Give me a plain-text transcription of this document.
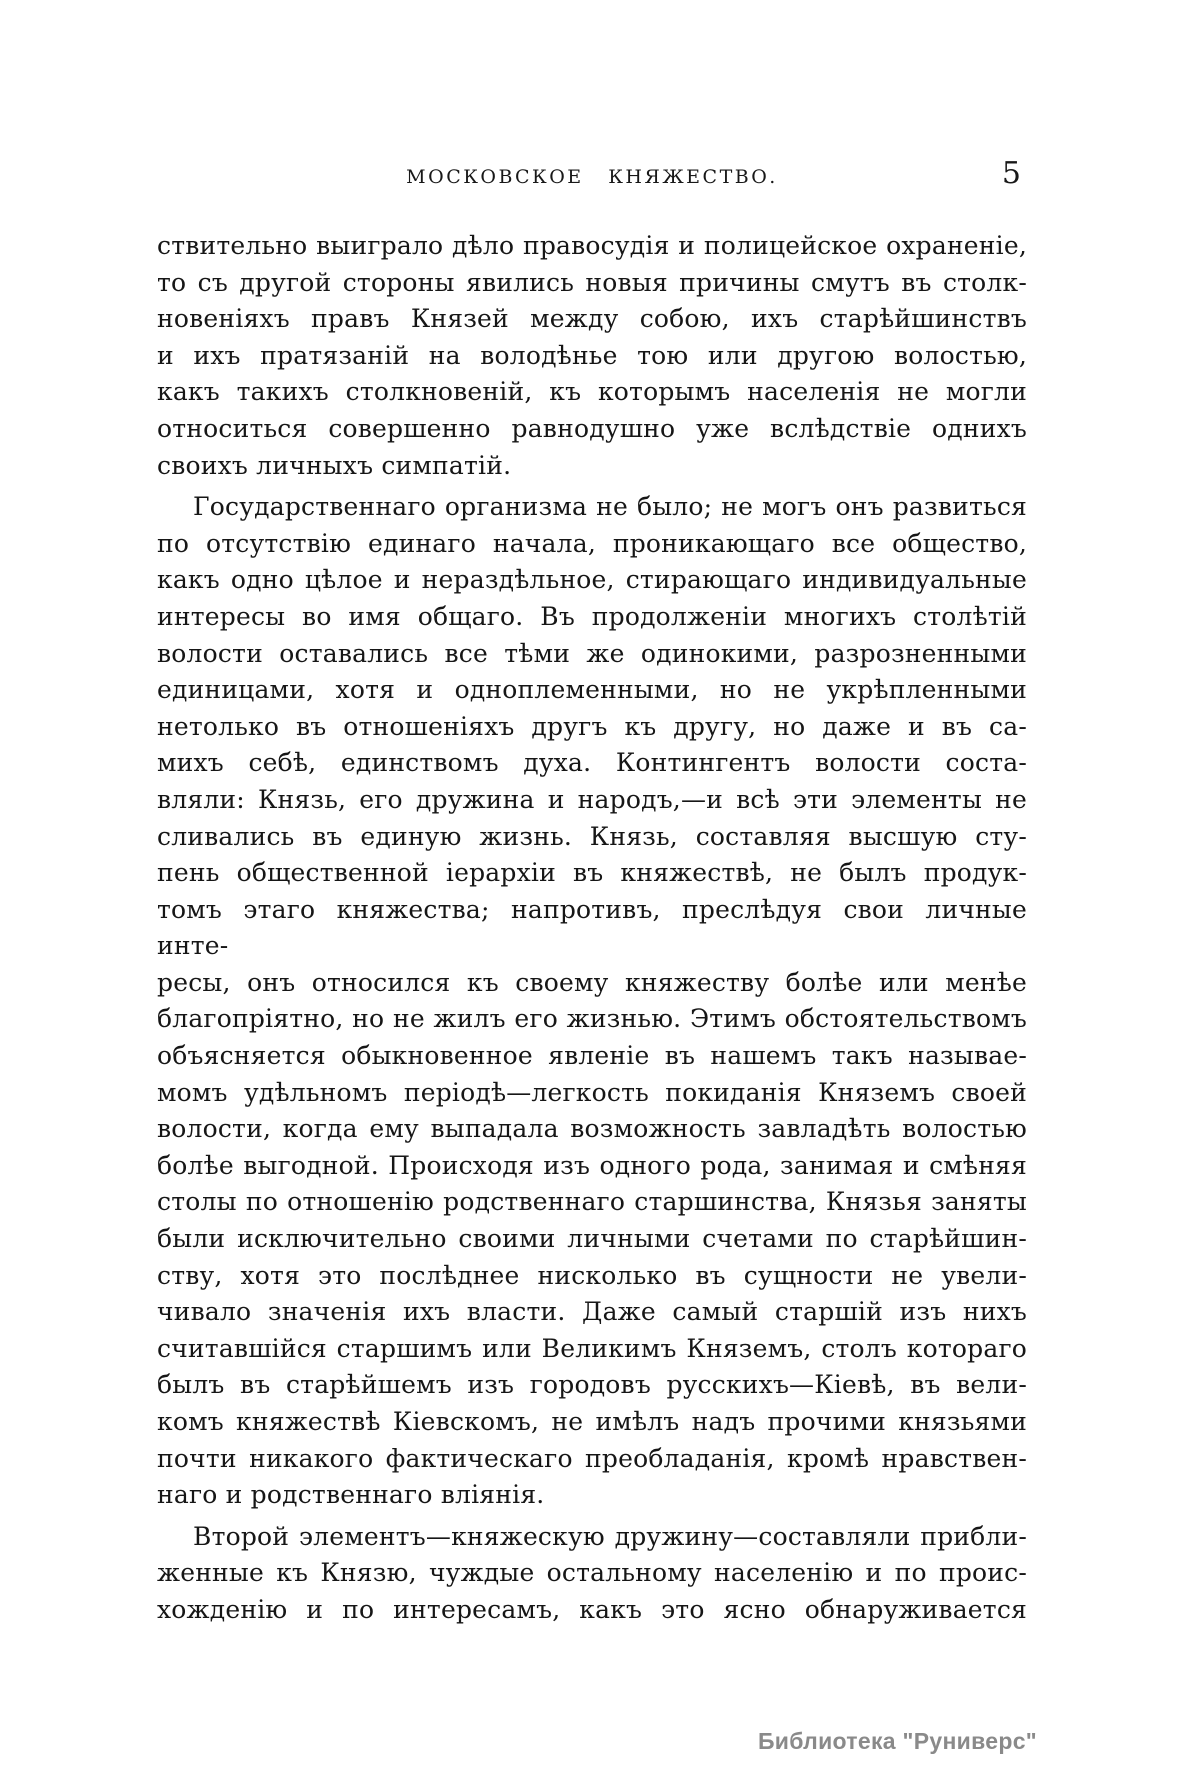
МОСКОВСКОЕ КНЯЖЕСТВО.	5
ствительно выиграло дѣло правосудія и полицейское охраненіе,
то съ другой стороны явились новыя причины смутъ въ столк-
новеніяхъ правъ Князей между собою, ихъ старѣйшинствъ
и ихъ пратязаній на володѣнье тою или другою волостью,
какъ такихъ столкновеній, къ которымъ населенія не могли
относиться совершенно равнодушно уже вслѣдствіе однихъ
своихъ личныхъ симпатій.
Государственнаго организма не было; не могъ онъ развиться
по отсутствію единаго начала, проникающаго все общество,
какъ одно цѣлое и нераздѣльное, стирающаго индивидуальные
интересы во имя общаго. Въ продолженіи многихъ столѣтій
волости оставались все тѣми же одинокими, разрозненными
единицами, хотя и одноплеменными, но не укрѣпленными
нетолько въ отношеніяхъ другъ къ другу, но даже и въ са-
михъ себѣ, единствомъ духа. Контингентъ волости соста-
вляли: Князь, его дружина и народъ,—и всѣ эти элементы не
сливались въ единую жизнь. Князь, составляя высшую сту-
пень общественной іерархіи въ княжествѣ, не былъ продук-
томъ этаго княжества; напротивъ, преслѣдуя свои личные инте-
ресы, онъ относился къ своему княжеству болѣе или менѣе
благопріятно, но не жилъ его жизнью. Этимъ обстоятельствомъ
объясняется обыкновенное явленіе въ нашемъ такъ называе-
момъ удѣльномъ періодѣ—легкость покиданія Княземъ своей
волости, когда ему выпадала возможность завладѣть волостью
болѣе выгодной. Происходя изъ одного рода, занимая и смѣняя
столы по отношенію родственнаго старшинства, Князья заняты
были исключительно своими личными счетами по старѣйшин-
ству, хотя это послѣднее нисколько въ сущности не увели-
чивало значенія ихъ власти. Даже самый старшій изъ нихъ
считавшійся старшимъ или Великимъ Княземъ, столъ котораго
былъ въ старѣйшемъ изъ городовъ русскихъ—Кіевѣ, въ вели-
комъ княжествѣ Кіевскомъ, не имѣлъ надъ прочими князьями
почти никакого фактическаго преобладанія, кромѣ нравствен-
наго и родственнаго вліянія.
Второй элементъ—княжескую дружину—составляли прибли-
женные къ Князю, чуждые остальному населенію и по проис-
хожденію и по интересамъ, какъ это ясно обнаруживается
Библиотека "Руниверс"
